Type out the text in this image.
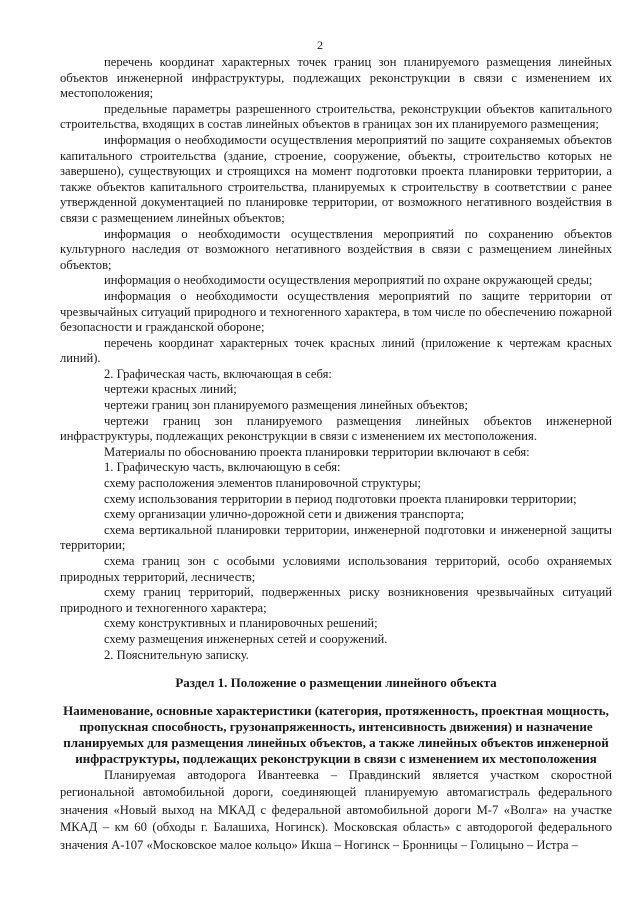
2

перечень координат характерных точек границ зон планируемого размещения линейных объектов инженерной инфраструктуры, подлежащих реконструкции в связи с изменением их местоположения;

предельные параметры разрешенного строительства, реконструкции объектов капитального строительства, входящих в состав линейных объектов в границах зон их планируемого размещения;

информация о необходимости осуществления мероприятий по защите сохраняемых объектов капитального строительства (здание, строение, сооружение, объекты, строительство которых не завершено), существующих и строящихся на момент подготовки проекта планировки территории, а также объектов капитального строительства, планируемых к строительству в соответствии с ранее утвержденной документацией по планировке территории, от возможного негативного воздействия в связи с размещением линейных объектов;

информация о необходимости осуществления мероприятий по сохранению объектов культурного наследия от возможного негативного воздействия в связи с размещением линейных объектов;

информация о необходимости осуществления мероприятий по охране окружающей среды;

информация о необходимости осуществления мероприятий по защите территории от чрезвычайных ситуаций природного и техногенного характера, в том числе по обеспечению пожарной безопасности и гражданской обороне;

перечень координат характерных точек красных линий (приложение к чертежам красных линий).

2. Графическая часть, включающая в себя:

чертежи красных линий;

чертежи границ зон планируемого размещения линейных объектов;

чертежи границ зон планируемого размещения линейных объектов инженерной инфраструктуры, подлежащих реконструкции в связи с изменением их местоположения.

Материалы по обоснованию проекта планировки территории включают в себя:

1. Графическую часть, включающую в себя:

схему расположения элементов планировочной структуры;

схему использования территории в период подготовки проекта планировки территории;

схему организации улично-дорожной сети и движения транспорта;

схема вертикальной планировки территории, инженерной подготовки и инженерной защиты территории;

схема границ зон с особыми условиями использования территорий, особо охраняемых природных территорий, лесничеств;

схему границ территорий, подверженных риску возникновения чрезвычайных ситуаций природного и техногенного характера;

схему конструктивных и планировочных решений;

схему размещения инженерных сетей и сооружений.

2. Пояснительную записку.

Раздел 1. Положение о размещении линейного объекта

Наименование, основные характеристики (категория, протяженность, проектная мощность, пропускная способность, грузонапряженность, интенсивность движения) и назначение планируемых для размещения линейных объектов, а также линейных объектов инженерной инфраструктуры, подлежащих реконструкции в связи с изменением их местоположения

Планируемая автодорога Ивантеевка – Правдинский является участком скоростной региональной автомобильной дороги, соединяющей планируемую автомагистраль федерального значения «Новый выход на МКАД с федеральной автомобильной дороги М-7 «Волга» на участке МКАД – км 60 (обходы г. Балашиха, Ногинск). Московская область» с автодорогой федерального значения А-107 «Московское малое кольцо» Икша – Ногинск – Бронницы – Голицыно – Истра –
